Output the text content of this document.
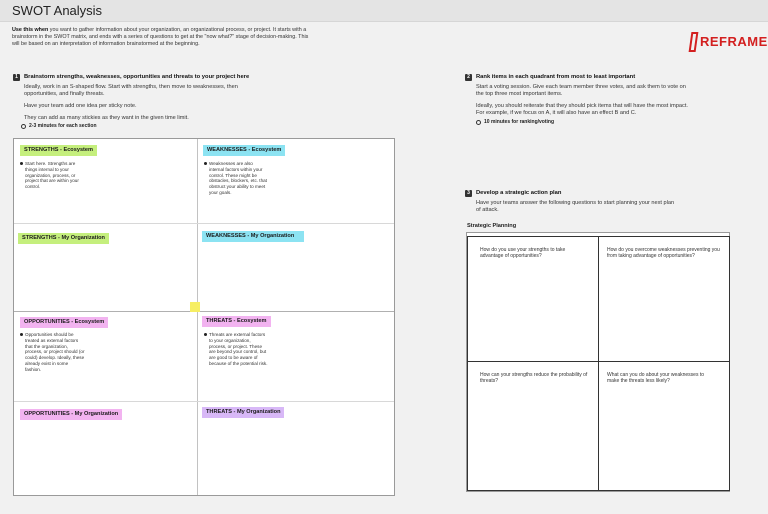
SWOT Analysis
Use this when you want to gather information about your organization, an organizational process, or project. It starts with a brainstorm in the SWOT matrix, and ends with a series of questions to get at the "now what?" stage of decision-making. This will be based on an interpretation of information brainstormed at the beginning.	REFRAME
1	Brainstorm strengths, weaknesses, opportunities and threats to your project here

Ideally, work in an S-shaped flow. Start with strengths, then move to weaknesses, then opportunities, and finally threats.

Have your team add one idea per sticky note.

They can add as many stickies as they want in the given time limit.

2-3 minutes for each section
2	Rank items in each quadrant from most to least important

Start a voting session. Give each team member three votes, and ask them to vote on the top three most important items.

Ideally, you should reiterate that they should pick items that will have the most impact. For example, if we focus on A, it will also have an effect B and C.

10 minutes for ranking/voting
3	Develop a strategic action plan

Have your teams answer the following questions to start planning your next plan of attack.

STRENGTHS - Ecosystem
Start here. Strengths are things internal to your organization, process, or project that are within your control.
STRENGTHS - My Organization
WEAKNESSES - Ecosystem
Weaknesses are also internal factors within your control. These might be obstacles, blockers, etc. that obstruct your ability to meet your goals.
WEAKNESSES - My Organization
OPPORTUNITIES - Ecosystem
Opportunities should be treated as external factors that the organization, process, or project should (or could) develop. Ideally, these already exist in some fashion.
OPPORTUNITIES - My Organization
THREATS - Ecosystem
Threats are external factors to your organization, process, or project. These are beyond your control, but are good to be aware of because of the potential risk.
THREATS - My Organization
Strategic Planning
How do you use your strengths to take advantage of opportunities?
How do you overcome weaknesses preventing you from taking advantage of opportunities?
How can your strengths reduce the probability of threats?
What can you do about your weaknesses to make the threats less likely?
